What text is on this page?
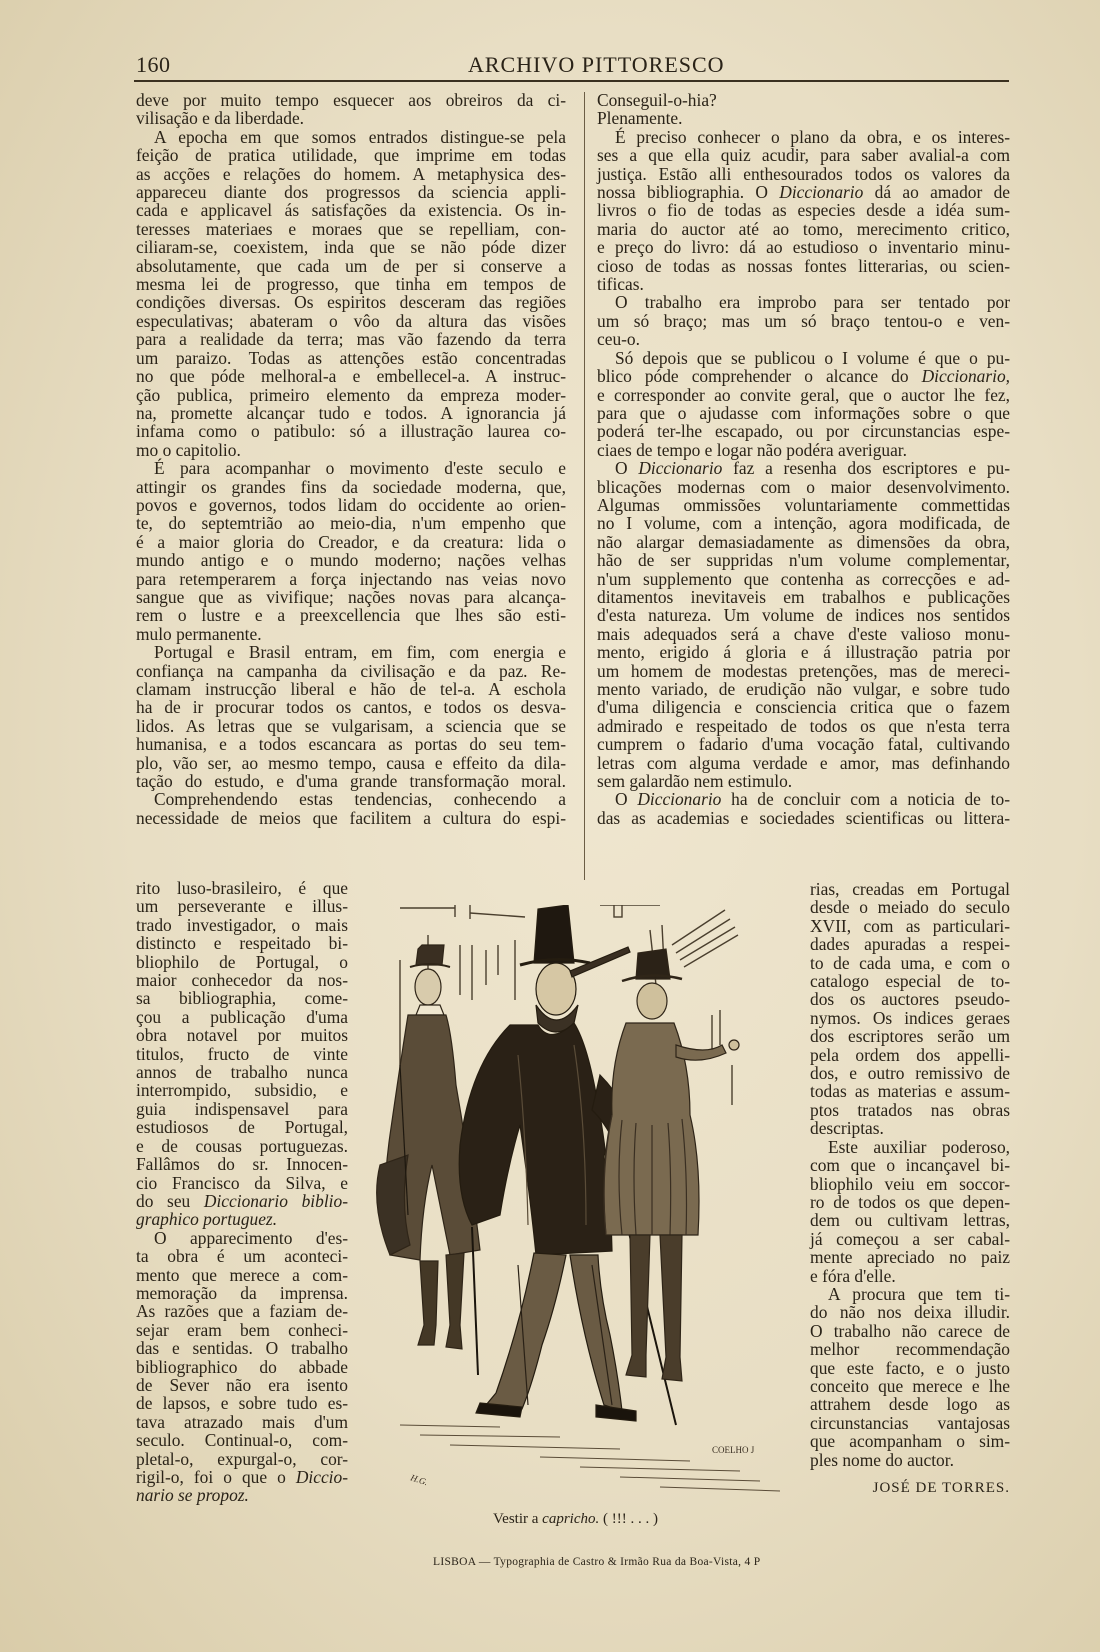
160	ARCHIVO PITTORESCO

deve por muito tempo esquecer aos obreiros da ci-

vilisação e da liberdade.

A epocha em que somos entrados distingue-se pela

feição de pratica utilidade, que imprime em todas

as acções e relações do homem. A metaphysica des-

appareceu diante dos progressos da sciencia appli-

cada e applicavel ás satisfações da existencia. Os in-

teresses materiaes e moraes que se repelliam, con-

ciliaram-se, coexistem, inda que se não póde dizer

absolutamente, que cada um de per si conserve a

mesma lei de progresso, que tinha em tempos de

condições diversas. Os espiritos desceram das regiões

especulativas; abateram o vôo da altura das visões

para a realidade da terra; mas vão fazendo da terra

um paraizo. Todas as attenções estão concentradas

no que póde melhoral-a e embellecel-a. A instruc-

ção publica, primeiro elemento da empreza moder-

na, promette alcançar tudo e todos. A ignorancia já

infama como o patibulo: só a illustração laurea co-

mo o capitolio.

É para acompanhar o movimento d'este seculo e

attingir os grandes fins da sociedade moderna, que,

povos e governos, todos lidam do occidente ao orien-

te, do septemtrião ao meio-dia, n'um empenho que

é a maior gloria do Creador, e da creatura: lida o

mundo antigo e o mundo moderno; nações velhas

para retemperarem a força injectando nas veias novo

sangue que as vivifique; nações novas para alcança-

rem o lustre e a preexcellencia que lhes são esti-

mulo permanente.

Portugal e Brasil entram, em fim, com energia e

confiança na campanha da civilisação e da paz. Re-

clamam instrucção liberal e hão de tel-a. A eschola

ha de ir procurar todos os cantos, e todos os desva-

lidos. As letras que se vulgarisam, a sciencia que se

humanisa, e a todos escancara as portas do seu tem-

plo, vão ser, ao mesmo tempo, causa e effeito da dila-

tação do estudo, e d'uma grande transformação moral.

Comprehendendo estas tendencias, conhecendo a

necessidade de meios que facilitem a cultura do espi-

rito luso-brasileiro, é que

um perseverante e illus-

trado investigador, o mais

distincto e respeitado bi-

bliophilo de Portugal, o

maior conhecedor da nos-

sa bibliographia, come-

çou a publicação d'uma

obra notavel por muitos

titulos, fructo de vinte

annos de trabalho nunca

interrompido, subsidio, e

guia indispensavel para

estudiosos de Portugal,

e de cousas portuguezas.

Fallâmos do sr. Innocen-

cio Francisco da Silva, e

do seu Diccionario biblio-

graphico portuguez.

O apparecimento d'es-

ta obra é um aconteci-

mento que merece a com-

memoração da imprensa.

As razões que a faziam de-

sejar eram bem conheci-

das e sentidas. O trabalho

bibliographico do abbade

de Sever não era isento

de lapsos, e sobre tudo es-

tava atrazado mais d'um

seculo. Continual-o, com-

pletal-o, expurgal-o, cor-

rigil-o, foi o que o Diccio-

nario se propoz.

Conseguil-o-hia?

Plenamente.

É preciso conhecer o plano da obra, e os interes-

ses a que ella quiz acudir, para saber avalial-a com

justiça. Estão alli enthesourados todos os valores da

nossa bibliographia. O Diccionario dá ao amador de

livros o fio de todas as especies desde a idéa sum-

maria do auctor até ao tomo, merecimento critico,

e preço do livro: dá ao estudioso o inventario minu-

cioso de todas as nossas fontes litterarias, ou scien-

tificas.

O trabalho era improbo para ser tentado por

um só braço; mas um só braço tentou-o e ven-

ceu-o.

Só depois que se publicou o I volume é que o pu-

blico póde comprehender o alcance do Diccionario,

e corresponder ao convite geral, que o auctor lhe fez,

para que o ajudasse com informações sobre o que

poderá ter-lhe escapado, ou por circunstancias espe-

ciaes de tempo e logar não podéra averiguar.

O Diccionario faz a resenha dos escriptores e pu-

blicações modernas com o maior desenvolvimento.

Algumas ommissões voluntariamente commettidas

no I volume, com a intenção, agora modificada, de

não alargar demasiadamente as dimensões da obra,

hão de ser suppridas n'um volume complementar,

n'um supplemento que contenha as correcções e ad-

ditamentos inevitaveis em trabalhos e publicações

d'esta natureza. Um volume de indices nos sentidos

mais adequados será a chave d'este valioso monu-

mento, erigido á gloria e á illustração patria por

um homem de modestas pretenções, mas de mereci-

mento variado, de erudição não vulgar, e sobre tudo

d'uma diligencia e consciencia critica que o fazem

admirado e respeitado de todos os que n'esta terra

cumprem o fadario d'uma vocação fatal, cultivando

letras com alguma verdade e amor, mas definhando

sem galardão nem estimulo.

O Diccionario ha de concluir com a noticia de to-

das as academias e sociedades scientificas ou littera-

rias, creadas em Portugal

desde o meiado do seculo

XVII, com as particulari-

dades apuradas a respei-

to de cada uma, e com o

catalogo especial de to-

dos os auctores pseudo-

nymos. Os indices geraes

dos escriptores serão um

pela ordem dos appelli-

dos, e outro remissivo de

todas as materias e assum-

ptos tratados nas obras

descriptas.

Este auxiliar poderoso,

com que o incançavel bi-

bliophilo veiu em soccor-

ro de todos os que depen-

dem ou cultivam lettras,

já começou a ser cabal-

mente apreciado no paiz

e fóra d'elle.

A procura que tem ti-

do não nos deixa illudir.

O trabalho não carece de

melhor recommendação

que este facto, e o justo

conceito que merece e lhe

attrahem desde logo as

circunstancias vantajosas

que acompanham o sim-

ples nome do auctor.

JOSÉ DE TORRES.

H.G.
COELHO J
Vestir a capricho. ( !!! . . . )
LISBOA — Typographia de Castro & Irmão Rua da Boa-Vista, 4 P
